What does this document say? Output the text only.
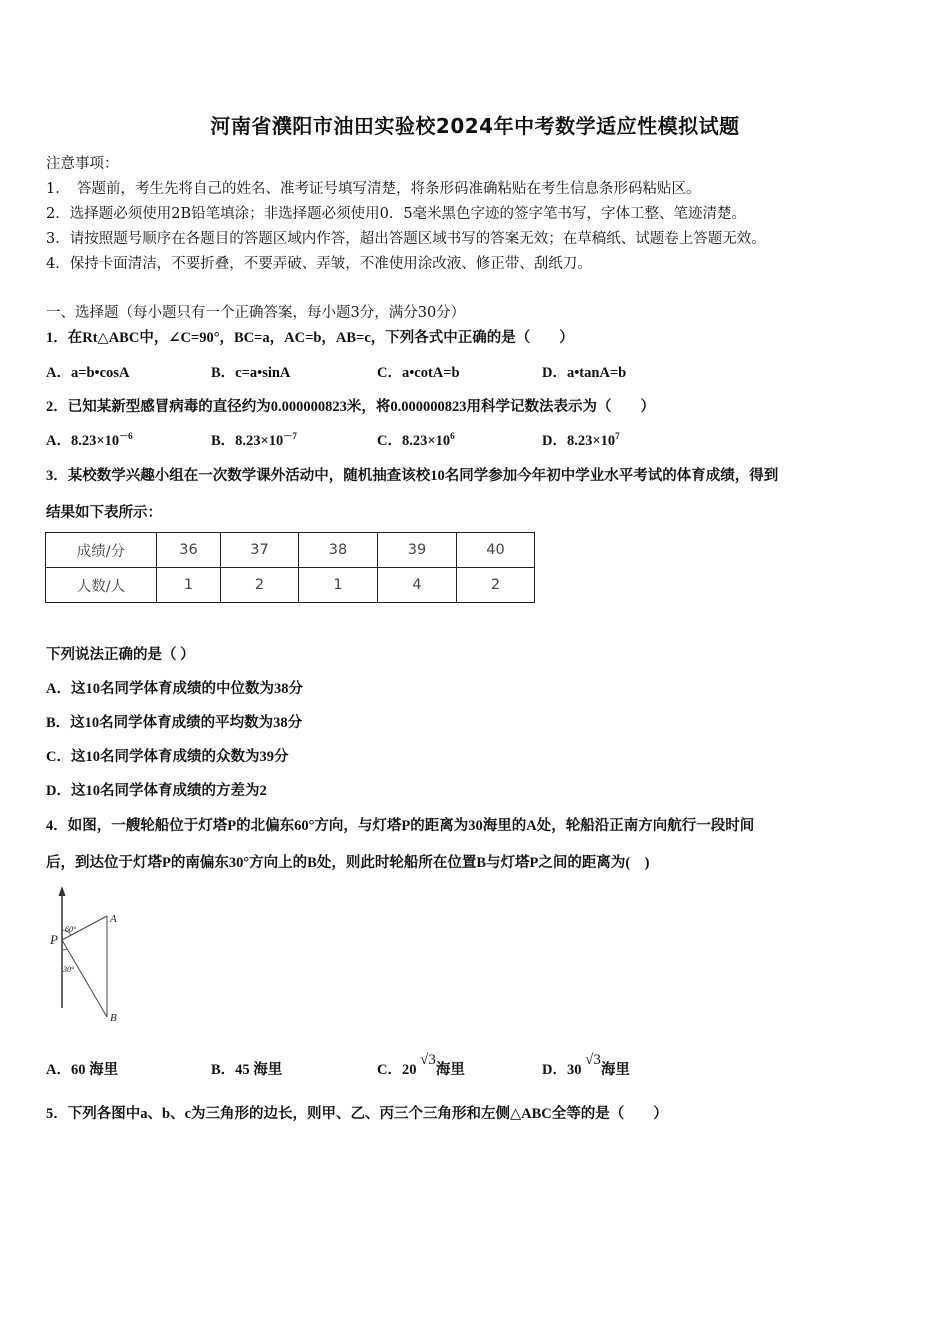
河南省濮阳市油田实验校2024年中考数学适应性模拟试题
注意事项：
1．　答题前，考生先将自己的姓名、准考证号填写清楚，将条形码准确粘贴在考生信息条形码粘贴区。
2．选择题必须使用2B铅笔填涂；非选择题必须使用0．5毫米黑色字迹的签字笔书写，字体工整、笔迹清楚。
3．请按照题号顺序在各题目的答题区域内作答，超出答题区域书写的答案无效；在草稿纸、试题卷上答题无效。
4．保持卡面清洁，不要折叠，不要弄破、弄皱，不准使用涂改液、修正带、刮纸刀。
一、选择题（每小题只有一个正确答案，每小题3分，满分30分）
1．在Rt△ABC中，∠C=90°，BC=a，AC=b，AB=c，下列各式中正确的是（　　）
A．a=b•cosA	B．c=a•sinA	C．a•cotA=b	D．a•tanA=b
2．已知某新型感冒病毒的直径约为0.000000823米，将0.000000823用科学记数法表示为（　　）
A．$8.23\times 10^{-6}$	B．$8.23\times 10^{-7}$	C．$8.23\times 10^6$	D．$8.23\times 10^7$
3．某校数学兴趣小组在一次数学课外活动中，随机抽查该校10名同学参加今年初中学业水平考试的体育成绩，得到
结果如下表所示：
成绩/分	36	37	38	39	40
人数/人	1	2	1	4	2
下列说法正确的是（ ）
A．这10名同学体育成绩的中位数为38分
B．这10名同学体育成绩的平均数为38分
C．这10名同学体育成绩的众数为39分
D．这10名同学体育成绩的方差为2
4．如图，一艘轮船位于灯塔P的北偏东60°方向，与灯塔P的距离为30海里的A处，轮船沿正南方向航行一段时间
后，到达位于灯塔P的南偏东30°方向上的B处，则此时轮船所在位置B与灯塔P之间的距离为(　)
P
A
B
60°
30°
A．60 海里	B．45 海里	C．20 √3海里	D．30 √3海里
5．下列各图中a、b、c为三角形的边长，则甲、乙、丙三个三角形和左侧△ABC全等的是（　　）
